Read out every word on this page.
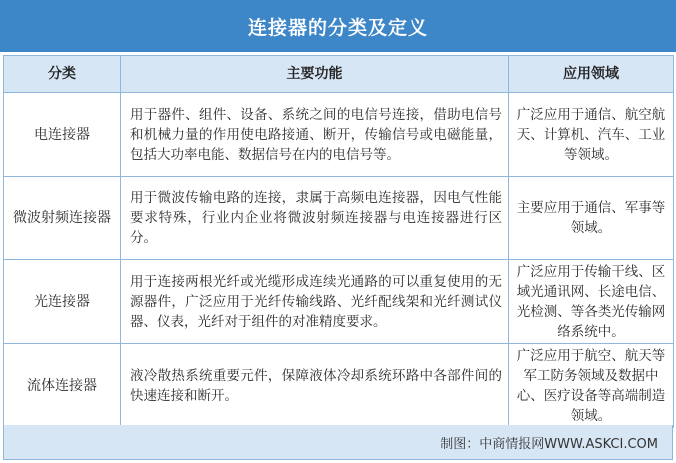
连接器的分类及定义
分类	主要功能	应用领域
电连接器	用于器件、组件、设备、系统之间的电信号连接，借助电信号和机械力量的作用使电路接通、断开，传输信号或电磁能量，包括大功率电能、数据信号在内的电信号等。	广泛应用于通信、航空航天、计算机、汽车、工业等领域。
微波射频连接器	用于微波传输电路的连接，隶属于高频电连接器，因电气性能要求特殊，行业内企业将微波射频连接器与电连接器进行区分。	主要应用于通信、军事等领域。
光连接器	用于连接两根光纤或光缆形成连续光通路的可以重复使用的无源器件，广泛应用于光纤传输线路、光纤配线架和光纤测试仪器、仪表，光纤对于组件的对准精度要求。	广泛应用于传输干线、区域光通讯网、长途电信、光检测、等各类光传输网络系统中。
流体连接器	液冷散热系统重要元件，保障液体冷却系统环路中各部件间的快速连接和断开。	广泛应用于航空、航天等军工防务领域及数据中心、医疗设备等高端制造领域。
制图：中商情报网WWW.ASKCI.COM
